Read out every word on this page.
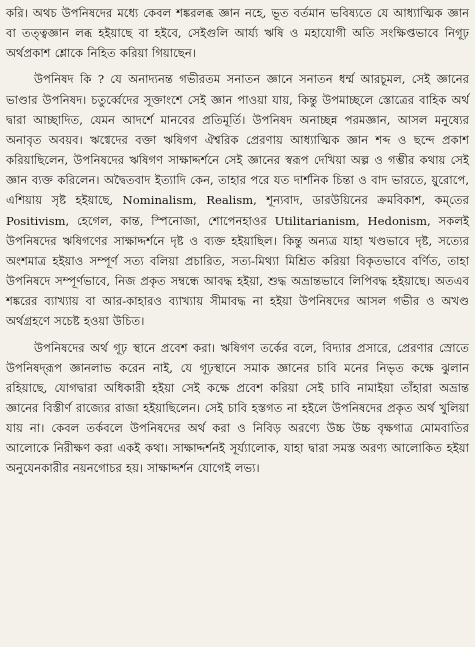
করি। অথচ উপনিষদের মধ্যে কেবল শঙ্করলব্ধ জ্ঞান নহে, ভূত বর্তমান ভবিষ্যতে যে আধ্যাত্মিক জ্ঞান বা তত্ত্বজ্ঞান লব্ধ হইয়াছে বা হইবে, সেইগুলি আর্য্য ঋষি ও মহাযোগী অতি সংক্ষিপ্তভাবে নিগূঢ় অর্থপ্রকাশ শ্লোকে নিহিত করিয়া গিয়াছেন।

উপনিষদ কি ? যে অনাদ্যনন্ত গভীরতম সনাতন জ্ঞানে সনাতন ধর্ম্ম আরচূমল, সেই জ্ঞানের ভাণ্ডার উপনিষদ। চতুর্ব্বেদের সূক্তাংশে সেই জ্ঞান পাওয়া যায়, কিন্তু উপমাচ্ছলে স্তোত্রের বাহিক অর্থ দ্বারা আচ্ছাদিত, যেমন আদর্শে মানবের প্রতিমূর্তি। উপনিষদ অনাচ্ছন্ন পরমজ্ঞান, আসল মনুষ্যের অনাবৃত অবয়ব। ঋগ্বেদের বক্তা ঋষিগণ ঐশ্বরিক প্রেরণায় আধ্যাত্মিক জ্ঞান শব্দ ও ছন্দে প্রকাশ করিয়াছিলেন, উপনিষদের ঋষিগণ সাক্ষাদ্দর্শনে সেই জ্ঞানের স্বরূপ দেখিয়া অল্প ও গম্ভীর কথায় সেই জ্ঞান ব্যক্ত করিলেন। অদ্বৈতবাদ ইত্যাদি কেন, তাহার পরে যত দার্শনিক চিন্তা ও বাদ ভারতে, য়ুরোপে, এশিয়ায় সৃষ্ট হইয়াছে, Nominalism, Realism, শূন্যবাদ, ডারউয়িনের ক্রমবিকাশ, কম্‌তের Positivism, হেগেল, কান্ত, স্পিনোজা, শোপেনহাওর Utilitarianism, Hedonism, সকলই উপনিষদের ঋষিগণের সাক্ষাদ্দর্শনে দৃষ্ট ও ব্যক্ত হইয়াছিল। কিন্তু অন্যত্র যাহা খণ্ডভাবে দৃষ্ট, সত্যের অংশমাত্র হইয়াও সম্পূর্ণ সত্য বলিয়া প্রচারিত, সত্য-মিথ্যা মিশ্রিত করিয়া বিকৃতভাবে বর্ণিত, তাহা উপনিষদে সম্পূর্ণভাবে, নিজ প্রকৃত সম্বন্ধে আবদ্ধ হইয়া, শুদ্ধ অভ্রান্তভাবে লিপিবদ্ধ হইয়াছে। অতএব শঙ্করের ব্যাখ্যায় বা আর-কাহারও ব্যাখ্যায় সীমাবদ্ধ না হইয়া উপনিষদের আসল গভীর ও অখণ্ড অর্থগ্রহণে সচেষ্ট হওয়া উচিত।

উপনিষদের অর্থ গূঢ় স্থানে প্রবেশ করা। ঋষিগণ তর্কের বলে, বিদ্যার প্রসারে, প্রেরণার স্রোতে উপনিষদ্‌রূপ জ্ঞানলাভ করেন নাই, যে গূঢ়স্থানে সমাক জ্ঞানের চাবি মনের নিভৃত কক্ষে ঝুলান রহিয়াছে, যোগদ্বারা অধিকারী হইয়া সেই কক্ষে প্রবেশ করিয়া সেই চাবি নামাইয়া তাঁহারা অভ্রান্ত জ্ঞানের বিস্তীর্ণ রাজ্যের রাজা হইয়াছিলেন। সেই চাবি হস্তগত না হইলে উপনিষদের প্রকৃত অর্থ খুলিয়া যায় না। কেবল তর্কবলে উপনিষদের অর্থ করা ও নিবিড় অরণ্যে উচ্চ উচ্চ বৃক্ষগাত্র মোমবাতির আলোকে নিরীক্ষণ করা একই কথা। সাক্ষাদ্দর্শনই সূর্য্যালোক, যাহা দ্বারা সমস্ত অরণ্য আলোকিত হইয়া অনুযেনকারীর নয়নগোচর হয়। সাক্ষাদ্দর্শন যোগেই লভ্য।
